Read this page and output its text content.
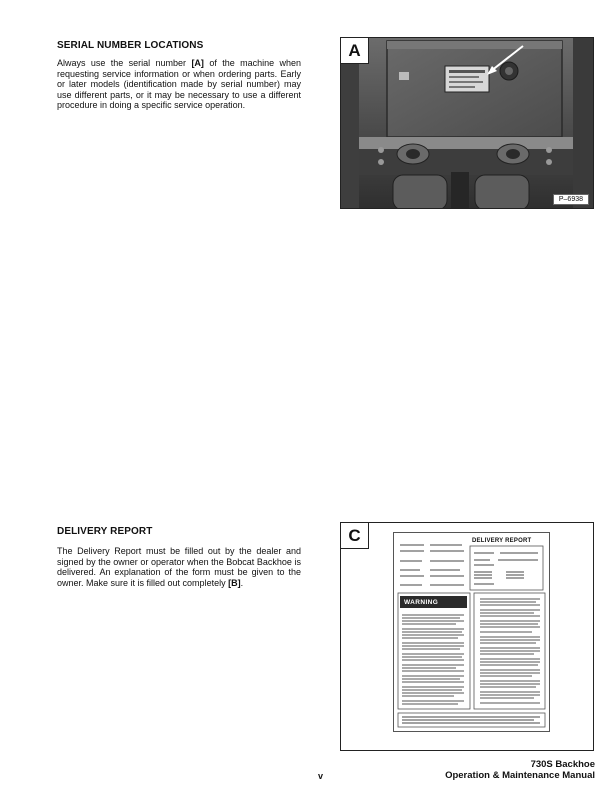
SERIAL NUMBER LOCATIONS
Always use the serial number [A] of the machine when requesting service information or when ordering parts. Early or later models (identification made by serial number) may use different parts, or it may be necessary to use a different procedure in doing a specific service operation.
A
P–6938
DELIVERY REPORT
The Delivery Report must be filled out by the dealer and signed by the owner or operator when the Bobcat Backhoe is delivered. An explanation of the form must be given to the owner. Make sure it is filled out completely [B].
C	DELIVERY REPORT
WARNING
v
730S Backhoe
Operation & Maintenance Manual
